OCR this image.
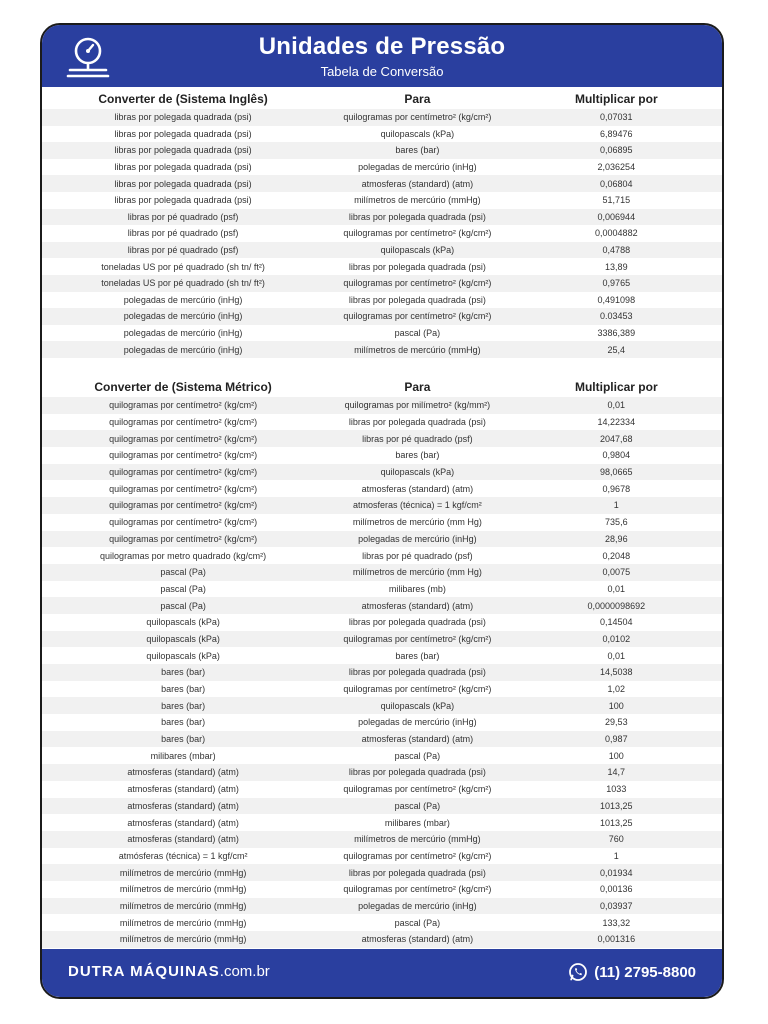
Unidades de Pressão
Tabela de Conversão
Converter de (Sistema Inglês)	Para	Multiplicar por
libras por polegada quadrada (psi)	quilogramas por centímetro² (kg/cm²)	0,07031
libras por polegada quadrada (psi)	quilopascals (kPa)	6,89476
libras por polegada quadrada (psi)	bares (bar)	0,06895
libras por polegada quadrada (psi)	polegadas de mercúrio (inHg)	2,036254
libras por polegada quadrada (psi)	atmosferas (standard) (atm)	0,06804
libras por polegada quadrada (psi)	milímetros de mercúrio (mmHg)	51,715
libras por pé quadrado (psf)	libras por polegada quadrada (psi)	0,006944
libras por pé quadrado (psf)	quilogramas por centímetro² (kg/cm²)	0,0004882
libras por pé quadrado (psf)	quilopascals (kPa)	0,4788
toneladas US por pé quadrado (sh tn/ ft²)	libras por polegada quadrada (psi)	13,89
toneladas US por pé quadrado (sh tn/ ft²)	quilogramas por centímetro² (kg/cm²)	0,9765
polegadas de mercúrio (inHg)	libras por polegada quadrada (psi)	0,491098
polegadas de mercúrio (inHg)	quilogramas por centímetro² (kg/cm²)	0.03453
polegadas de mercúrio (inHg)	pascal (Pa)	3386,389
polegadas de mercúrio (inHg)	milímetros de mercúrio (mmHg)	25,4
Converter de (Sistema Métrico)	Para	Multiplicar por
quilogramas por centímetro² (kg/cm²)	quilogramas por milímetro² (kg/mm²)	0,01
quilogramas por centímetro² (kg/cm²)	libras por polegada quadrada (psi)	14,22334
quilogramas por centímetro² (kg/cm²)	libras por pé quadrado (psf)	2047,68
quilogramas por centímetro² (kg/cm²)	bares (bar)	0,9804
quilogramas por centímetro² (kg/cm²)	quilopascals (kPa)	98,0665
quilogramas por centímetro² (kg/cm²)	atmosferas (standard) (atm)	0,9678
quilogramas por centímetro² (kg/cm²)	atmosferas (técnica) = 1 kgf/cm²	1
quilogramas por centímetro² (kg/cm²)	milímetros de mercúrio (mm Hg)	735,6
quilogramas por centímetro² (kg/cm²)	polegadas de mercúrio (inHg)	28,96
quilogramas por metro quadrado (kg/cm²)	libras por pé quadrado (psf)	0,2048
pascal (Pa)	milímetros de mercúrio (mm Hg)	0,0075
pascal (Pa)	milibares (mb)	0,01
pascal (Pa)	atmosferas (standard) (atm)	0,0000098692
quilopascals (kPa)	libras por polegada quadrada (psi)	0,14504
quilopascals (kPa)	quilogramas por centímetro² (kg/cm²)	0,0102
quilopascals (kPa)	bares (bar)	0,01
bares (bar)	libras por polegada quadrada (psi)	14,5038
bares (bar)	quilogramas por centímetro² (kg/cm²)	1,02
bares (bar)	quilopascals (kPa)	100
bares (bar)	polegadas de mercúrio (inHg)	29,53
bares (bar)	atmosferas (standard) (atm)	0,987
milibares (mbar)	pascal (Pa)	100
atmosferas (standard) (atm)	libras por polegada quadrada (psi)	14,7
atmosferas (standard) (atm)	quilogramas por centímetro² (kg/cm²)	1033
atmosferas (standard) (atm)	pascal (Pa)	1013,25
atmosferas (standard) (atm)	milibares (mbar)	1013,25
atmosferas (standard) (atm)	milímetros de mercúrio (mmHg)	760
atmósferas (técnica) = 1 kgf/cm²	quilogramas por centímetro² (kg/cm²)	1
milímetros de mercúrio (mmHg)	libras por polegada quadrada (psi)	0,01934
milímetros de mercúrio (mmHg)	quilogramas por centímetro² (kg/cm²)	0,00136
milímetros de mercúrio (mmHg)	polegadas de mercúrio (inHg)	0,03937
milímetros de mercúrio (mmHg)	pascal (Pa)	133,32
milímetros de mercúrio (mmHg)	atmosferas (standard) (atm)	0,001316
DUTRA MÁQUINAS.com.br	(11) 2795-8800
